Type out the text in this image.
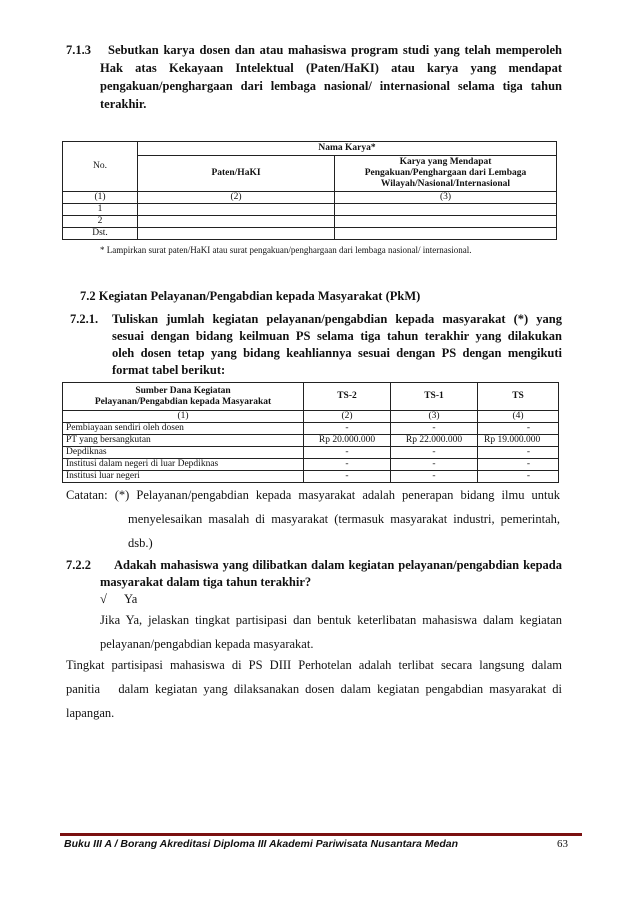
7.1.3 Sebutkan karya dosen dan atau mahasiswa program studi yang telah memperoleh
Hak atas Kekayaan Intelektual (Paten/HaKI) atau karya yang mendapat
pengakuan/penghargaan dari lembaga nasional/ internasional selama tiga tahun
terakhir.
No.	Nama Karya*	
	Paten/HaKI	Karya yang Mendapat
Pengakuan/Penghargaan dari Lembaga
Wilayah/Nasional/Internasional

(1)	(2)	(3)
1		
2		
Dst.		
* Lampirkan surat paten/HaKI atau surat pengakuan/penghargaan dari lembaga nasional/ internasional.
7.2 Kegiatan Pelayanan/Pengabdian kepada Masyarakat (PkM)
7.2.1. Tuliskan jumlah kegiatan pelayanan/pengabdian kepada masyarakat (*) yang
sesuai dengan bidang keilmuan PS selama tiga tahun terakhir yang dilakukan
oleh dosen tetap yang bidang keahliannya sesuai dengan PS dengan mengikuti
format tabel berikut:
Sumber Dana Kegiatan
Pelayanan/Pengabdian kepada Masyarakat	TS-2	TS-1	TS
(1)	(2)	(3)	(4)
Pembiayaan sendiri oleh dosen	-	-	-
PT yang bersangkutan	Rp 20.000.000	Rp 22.000.000	Rp 19.000.000
Depdiknas	-	-	-
Institusi dalam negeri di luar Depdiknas	-	-	-
Institusi luar negeri	-	-	-
Catatan: (*) Pelayanan/pengabdian kepada masyarakat adalah penerapan bidang ilmu untuk
menyelesaikan masalah di masyarakat (termasuk masyarakat industri, pemerintah,
dsb.)
7.2.2 Adakah mahasiswa yang dilibatkan dalam kegiatan pelayanan/pengabdian kepada
masyarakat dalam tiga tahun terakhir?
√ Ya
Jika Ya, jelaskan tingkat partisipasi dan bentuk keterlibatan mahasiswa dalam kegiatan
pelayanan/pengabdian kepada masyarakat.
Tingkat partisipasi mahasiswa di PS DIII Perhotelan adalah terlibat secara langsung dalam
panitia   dalam kegiatan yang dilaksanakan dosen dalam kegiatan pengabdian masyarakat di
lapangan.
Buku III A / Borang Akreditasi Diploma III Akademi Pariwisata Nusantara Medan	63
